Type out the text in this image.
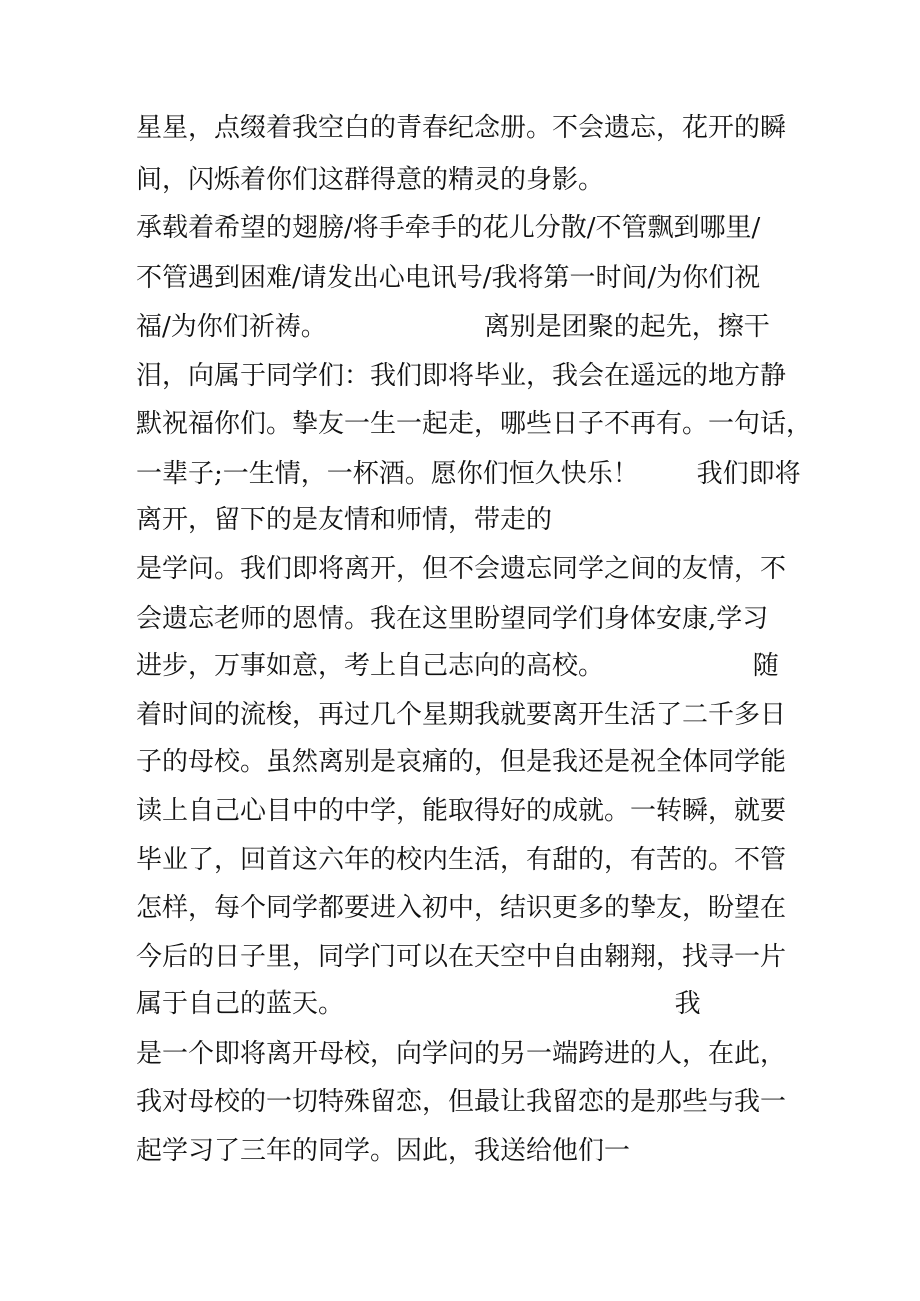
星星，点缀着我空白的青春纪念册。不会遗忘，花开的瞬

间，闪烁着你们这群得意的精灵的身影。

承载着希望的翅膀/将手牵手的花儿分散/不管飘到哪里/

不管遇到困难/请发出心电讯号/我将第一时间/为你们祝

福/为你们祈祷。                   离别是团聚的起先，擦干

泪，向属于同学们：我们即将毕业，我会在遥远的地方静

默祝福你们。挚友一生一起走，哪些日子不再有。一句话，

一辈子;一生情，一杯酒。愿你们恒久快乐！       我们即将

离开，留下的是友情和师情，带走的

是学问。我们即将离开，但不会遗忘同学之间的友情，不

会遗忘老师的恩情。我在这里盼望同学们身体安康,学习

进步，万事如意，考上自己志向的高校。                  随

着时间的流梭，再过几个星期我就要离开生活了二千多日

子的母校。虽然离别是哀痛的，但是我还是祝全体同学能

读上自己心目中的中学，能取得好的成就。一转瞬，就要

毕业了，回首这六年的校内生活，有甜的，有苦的。不管

怎样，每个同学都要进入初中，结识更多的挚友，盼望在

今后的日子里，同学门可以在天空中自由翱翔，找寻一片

属于自己的蓝天。                                        我

是一个即将离开母校，向学问的另一端跨进的人，在此，

我对母校的一切特殊留恋，但最让我留恋的是那些与我一

起学习了三年的同学。因此，我送给他们一
